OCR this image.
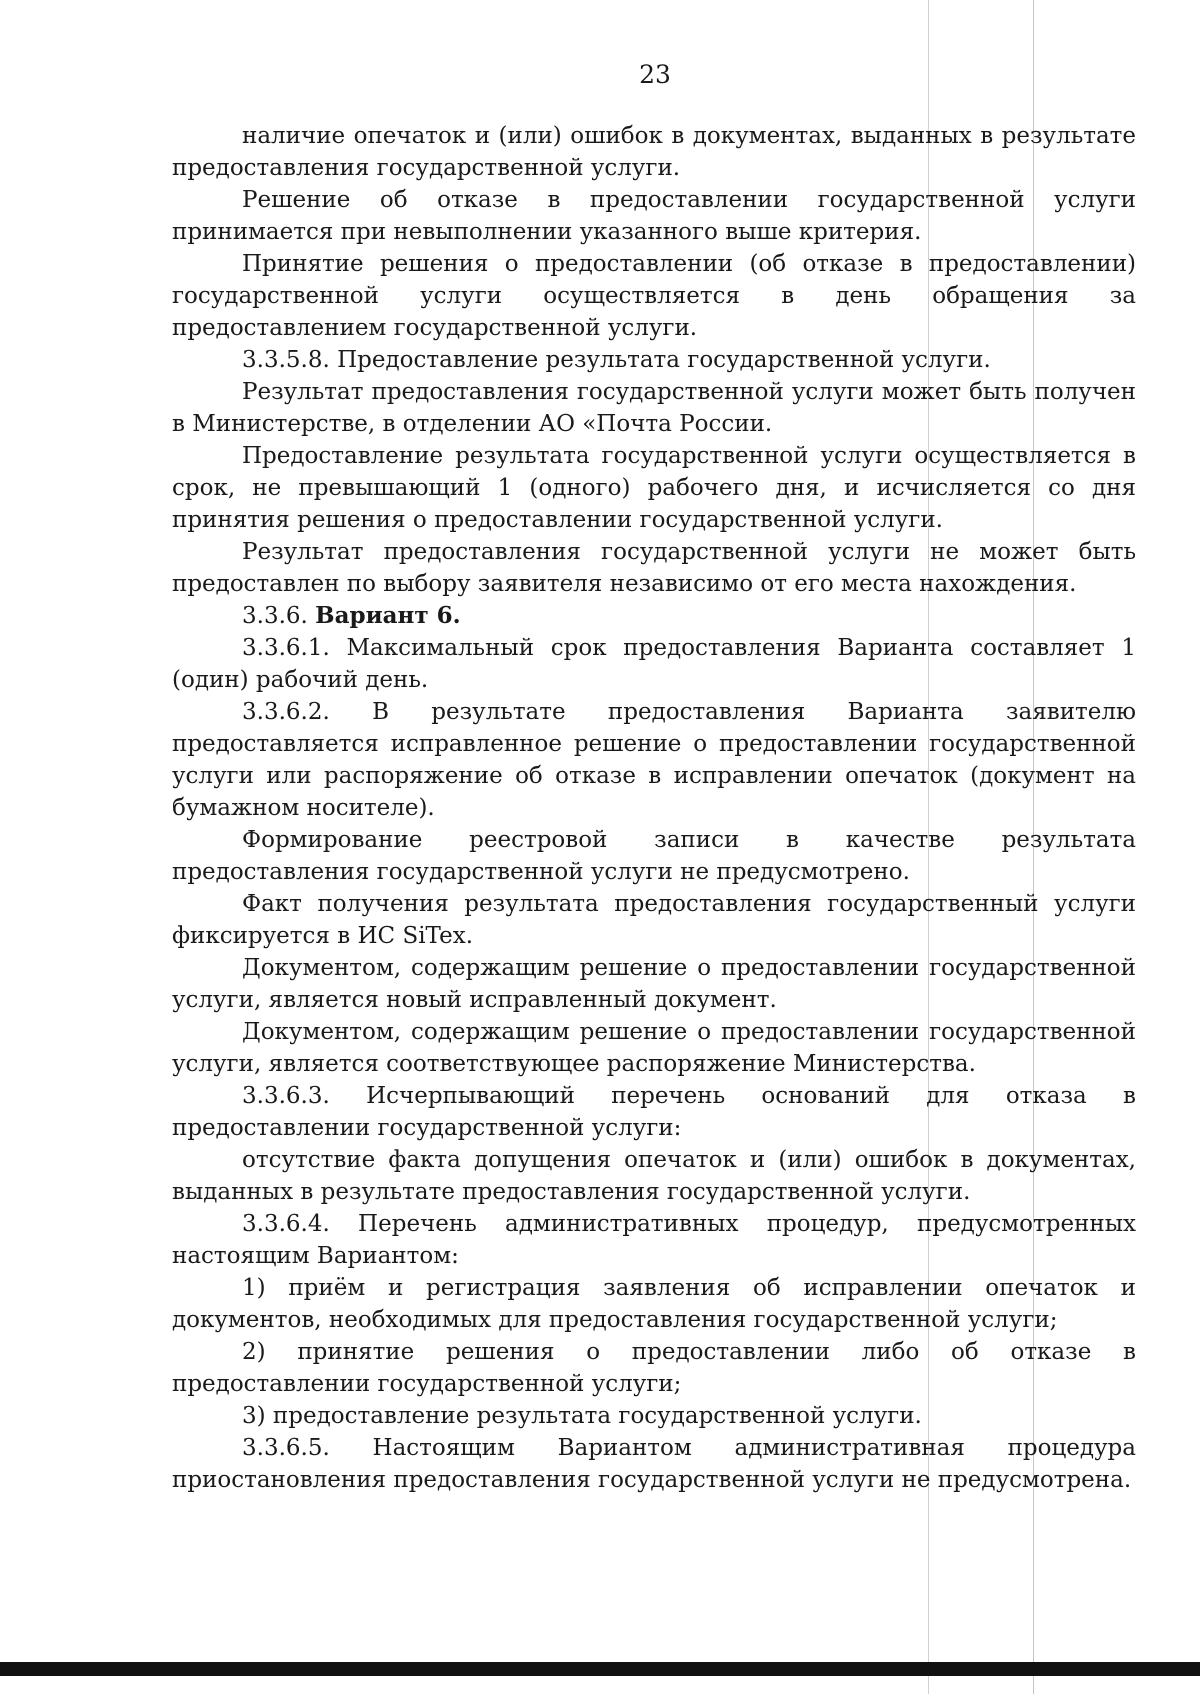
23

наличие опечаток и (или) ошибок в документах, выданных в результате предоставления государственной услуги.

Решение об отказе в предоставлении государственной услуги принимается при невыполнении указанного выше критерия.

Принятие решения о предоставлении (об отказе в предоставлении) государственной услуги осуществляется в день обращения за предоставлением государственной услуги.

3.3.5.8. Предоставление результата государственной услуги.

Результат предоставления государственной услуги может быть получен в Министерстве, в отделении АО «Почта России.

Предоставление результата государственной услуги осуществляется в срок, не превышающий 1 (одного) рабочего дня, и исчисляется со дня принятия решения о предоставлении государственной услуги.

Результат предоставления государственной услуги не может быть предоставлен по выбору заявителя независимо от его места нахождения.

3.3.6. Вариант 6.

3.3.6.1. Максимальный срок предоставления Варианта составляет 1 (один) рабочий день.

3.3.6.2. В результате предоставления Варианта заявителю предоставляется исправленное решение о предоставлении государственной услуги или распоряжение об отказе в исправлении опечаток (документ на бумажном носителе).

Формирование реестровой записи в качестве результата предоставления государственной услуги не предусмотрено.

Факт получения результата предоставления государственный услуги фиксируется в ИС SiTex.

Документом, содержащим решение о предоставлении государственной услуги, является новый исправленный документ.

Документом, содержащим решение о предоставлении государственной услуги, является соответствующее распоряжение Министерства.

3.3.6.3. Исчерпывающий перечень оснований для отказа в предоставлении государственной услуги:

отсутствие факта допущения опечаток и (или) ошибок в документах, выданных в результате предоставления государственной услуги.

3.3.6.4. Перечень административных процедур, предусмотренных настоящим Вариантом:

1) приём и регистрация заявления об исправлении опечаток и документов, необходимых для предоставления государственной услуги;

2) принятие решения о предоставлении либо об отказе в предоставлении государственной услуги;

3) предоставление результата государственной услуги.

3.3.6.5. Настоящим Вариантом административная процедура приостановления предоставления государственной услуги не предусмотрена.
